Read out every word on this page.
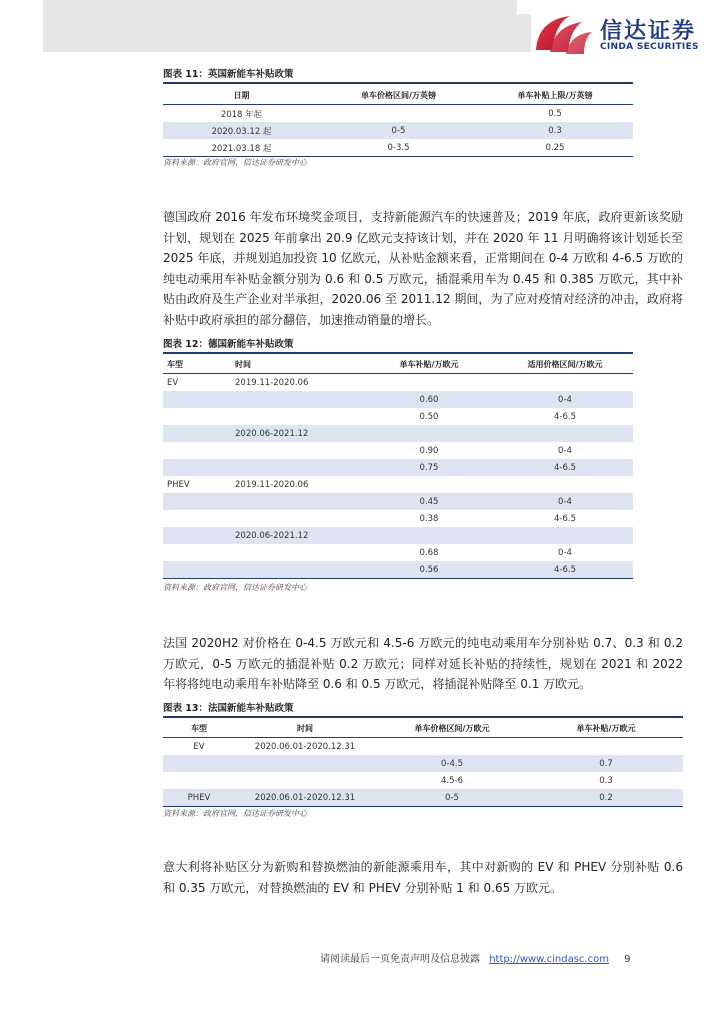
信达证券
CINDA SECURITIES
图表 11：英国新能车补贴政策
日期	单车价格区间/万英镑	单车补贴上限/万英镑
2018 年起		0.5
2020.03.12 起	0-5	0.3
2021.03.18 起	0-3.5	0.25
资料来源：政府官网，信达证券研发中心
德国政府 2016 年发布环境奖金项目，支持新能源汽车的快速普及；2019 年底，政府更新该奖励计划，规划在 2025 年前拿出 20.9 亿欧元支持该计划，并在 2020 年 11 月明确将该计划延长至 2025 年底，并规划追加投资 10 亿欧元，从补贴金额来看，正常期间在 0-4 万欧和 4-6.5 万欧的纯电动乘用车补贴金额分别为 0.6 和 0.5 万欧元，插混乘用车为 0.45 和 0.385 万欧元，其中补贴由政府及生产企业对半承担，2020.06 至 2011.12 期间，为了应对疫情对经济的冲击，政府将补贴中政府承担的部分翻倍，加速推动销量的增长。
图表 12：德国新能车补贴政策
车型	时间	单车补贴/万欧元	适用价格区间/万欧元
EV	2019.11-2020.06		
		0.60	0-4
		0.50	4-6.5
	2020.06-2021.12		
		0.90	0-4
		0.75	4-6.5
PHEV	2019.11-2020.06		
		0.45	0-4
		0.38	4-6.5
	2020.06-2021.12		
		0.68	0-4
		0.56	4-6.5
资料来源：政府官网，信达证券研发中心
法国 2020H2 对价格在 0-4.5 万欧元和 4.5-6 万欧元的纯电动乘用车分别补贴 0.7、0.3 和 0.2 万欧元，0-5 万欧元的插混补贴 0.2 万欧元；同样对延长补贴的持续性，规划在 2021 和 2022 年将将纯电动乘用车补贴降至 0.6 和 0.5 万欧元，将插混补贴降至 0.1 万欧元。
图表 13：法国新能车补贴政策
车型	时间	单车价格区间/万欧元	单车补贴/万欧元
EV	2020.06.01-2020.12.31		
		0-4.5	0.7
		4.5-6	0.3
PHEV	2020.06.01-2020.12.31	0-5	0.2
资料来源：政府官网，信达证券研发中心
意大利将补贴区分为新购和替换燃油的新能源乘用车，其中对新购的 EV 和 PHEV 分别补贴 0.6 和 0.35 万欧元，对替换燃油的 EV 和 PHEV 分别补贴 1 和 0.65 万欧元。
请阅读最后一页免责声明及信息披露 http://www.cindasc.com 9
